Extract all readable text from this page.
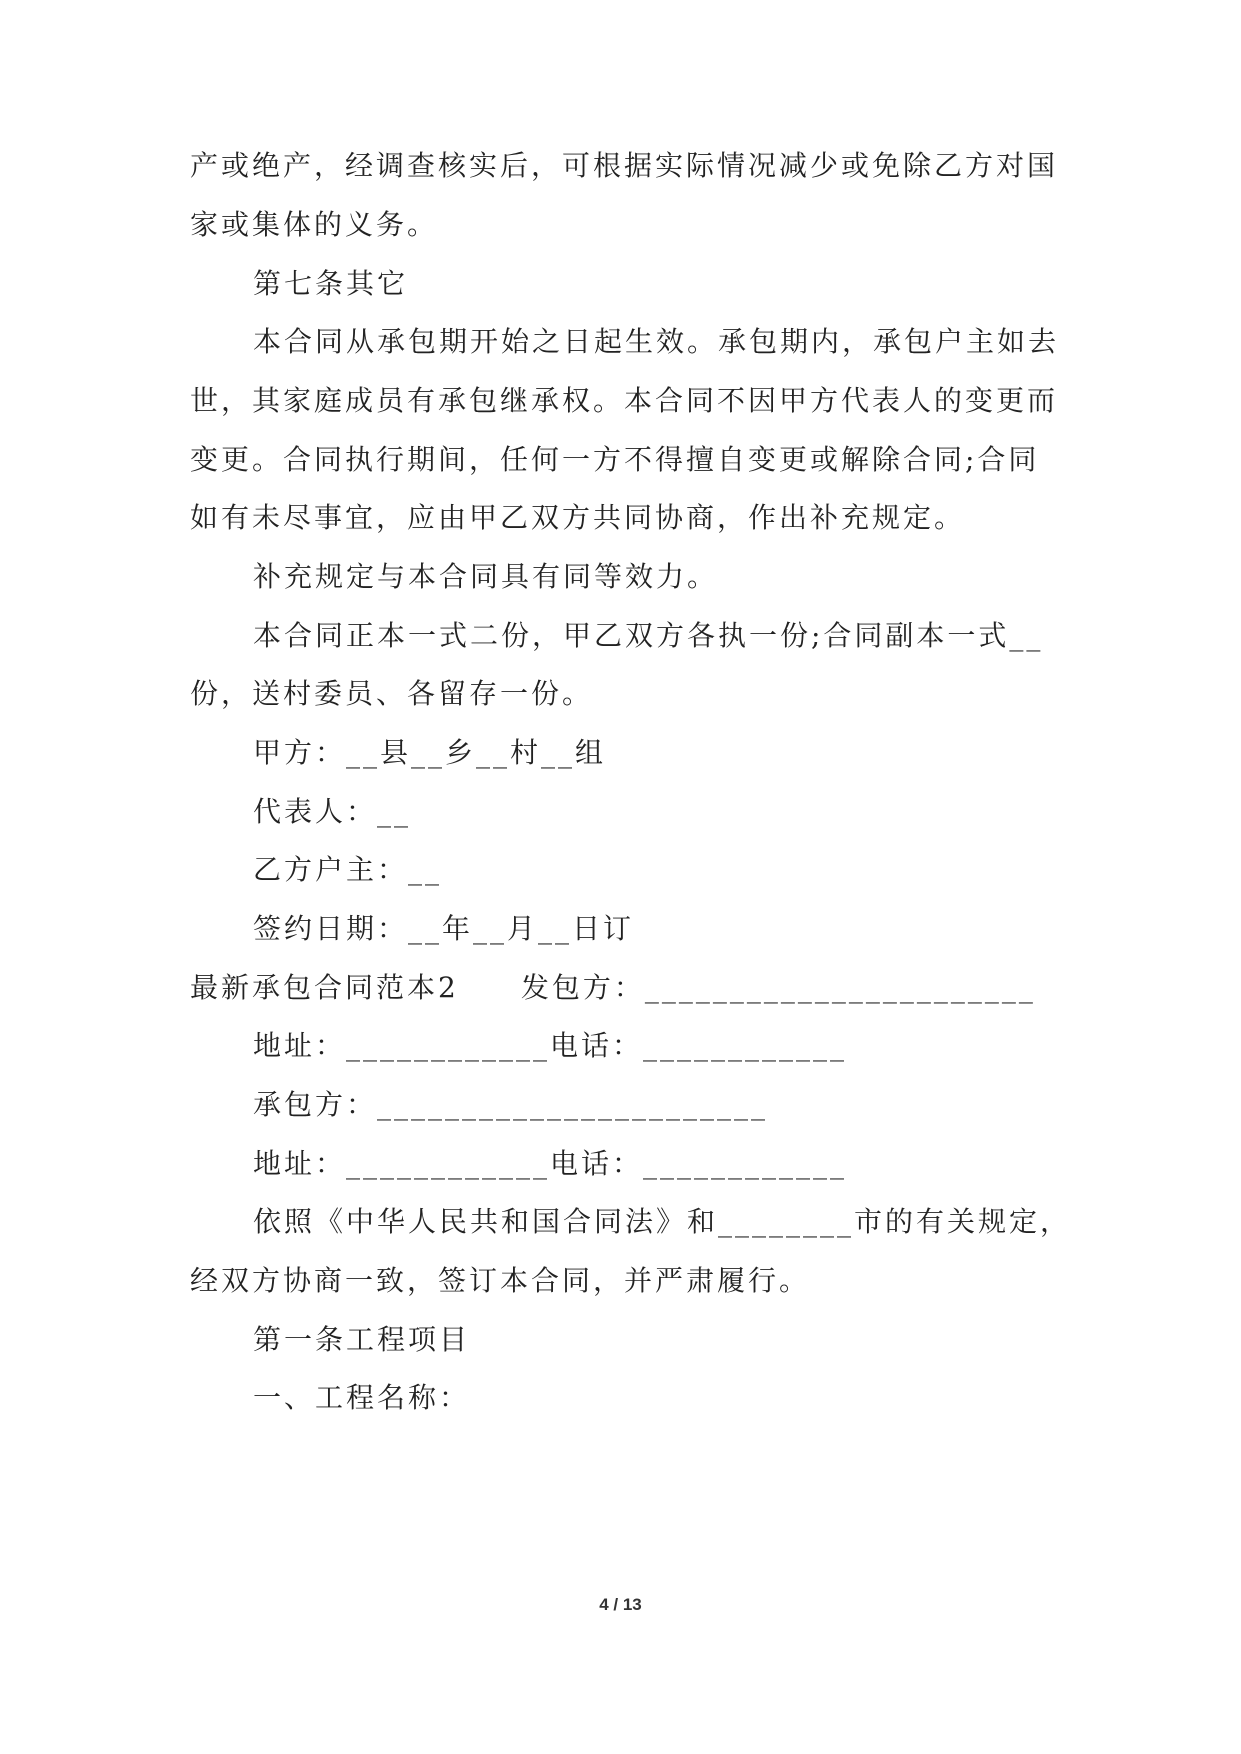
产或绝产，经调查核实后，可根据实际情况减少或免除乙方对国
家或集体的义务。
第七条其它
本合同从承包期开始之日起生效。承包期内，承包户主如去
世，其家庭成员有承包继承权。本合同不因甲方代表人的变更而
变更。合同执行期间，任何一方不得擅自变更或解除合同;合同
如有未尽事宜，应由甲乙双方共同协商，作出补充规定。
补充规定与本合同具有同等效力。
本合同正本一式二份，甲乙双方各执一份;合同副本一式__
份，送村委员、各留存一份。
甲方：__县__乡__村__组
代表人：__
乙方户主：__
签约日期：__年__月__日订
最新承包合同范本2　　发包方：_______________________
地址：____________电话：____________
承包方：_______________________
地址：____________电话：____________
依照《中华人民共和国合同法》和________市的有关规定，
经双方协商一致，签订本合同，并严肃履行。
第一条工程项目
一、工程名称：
4 / 13
